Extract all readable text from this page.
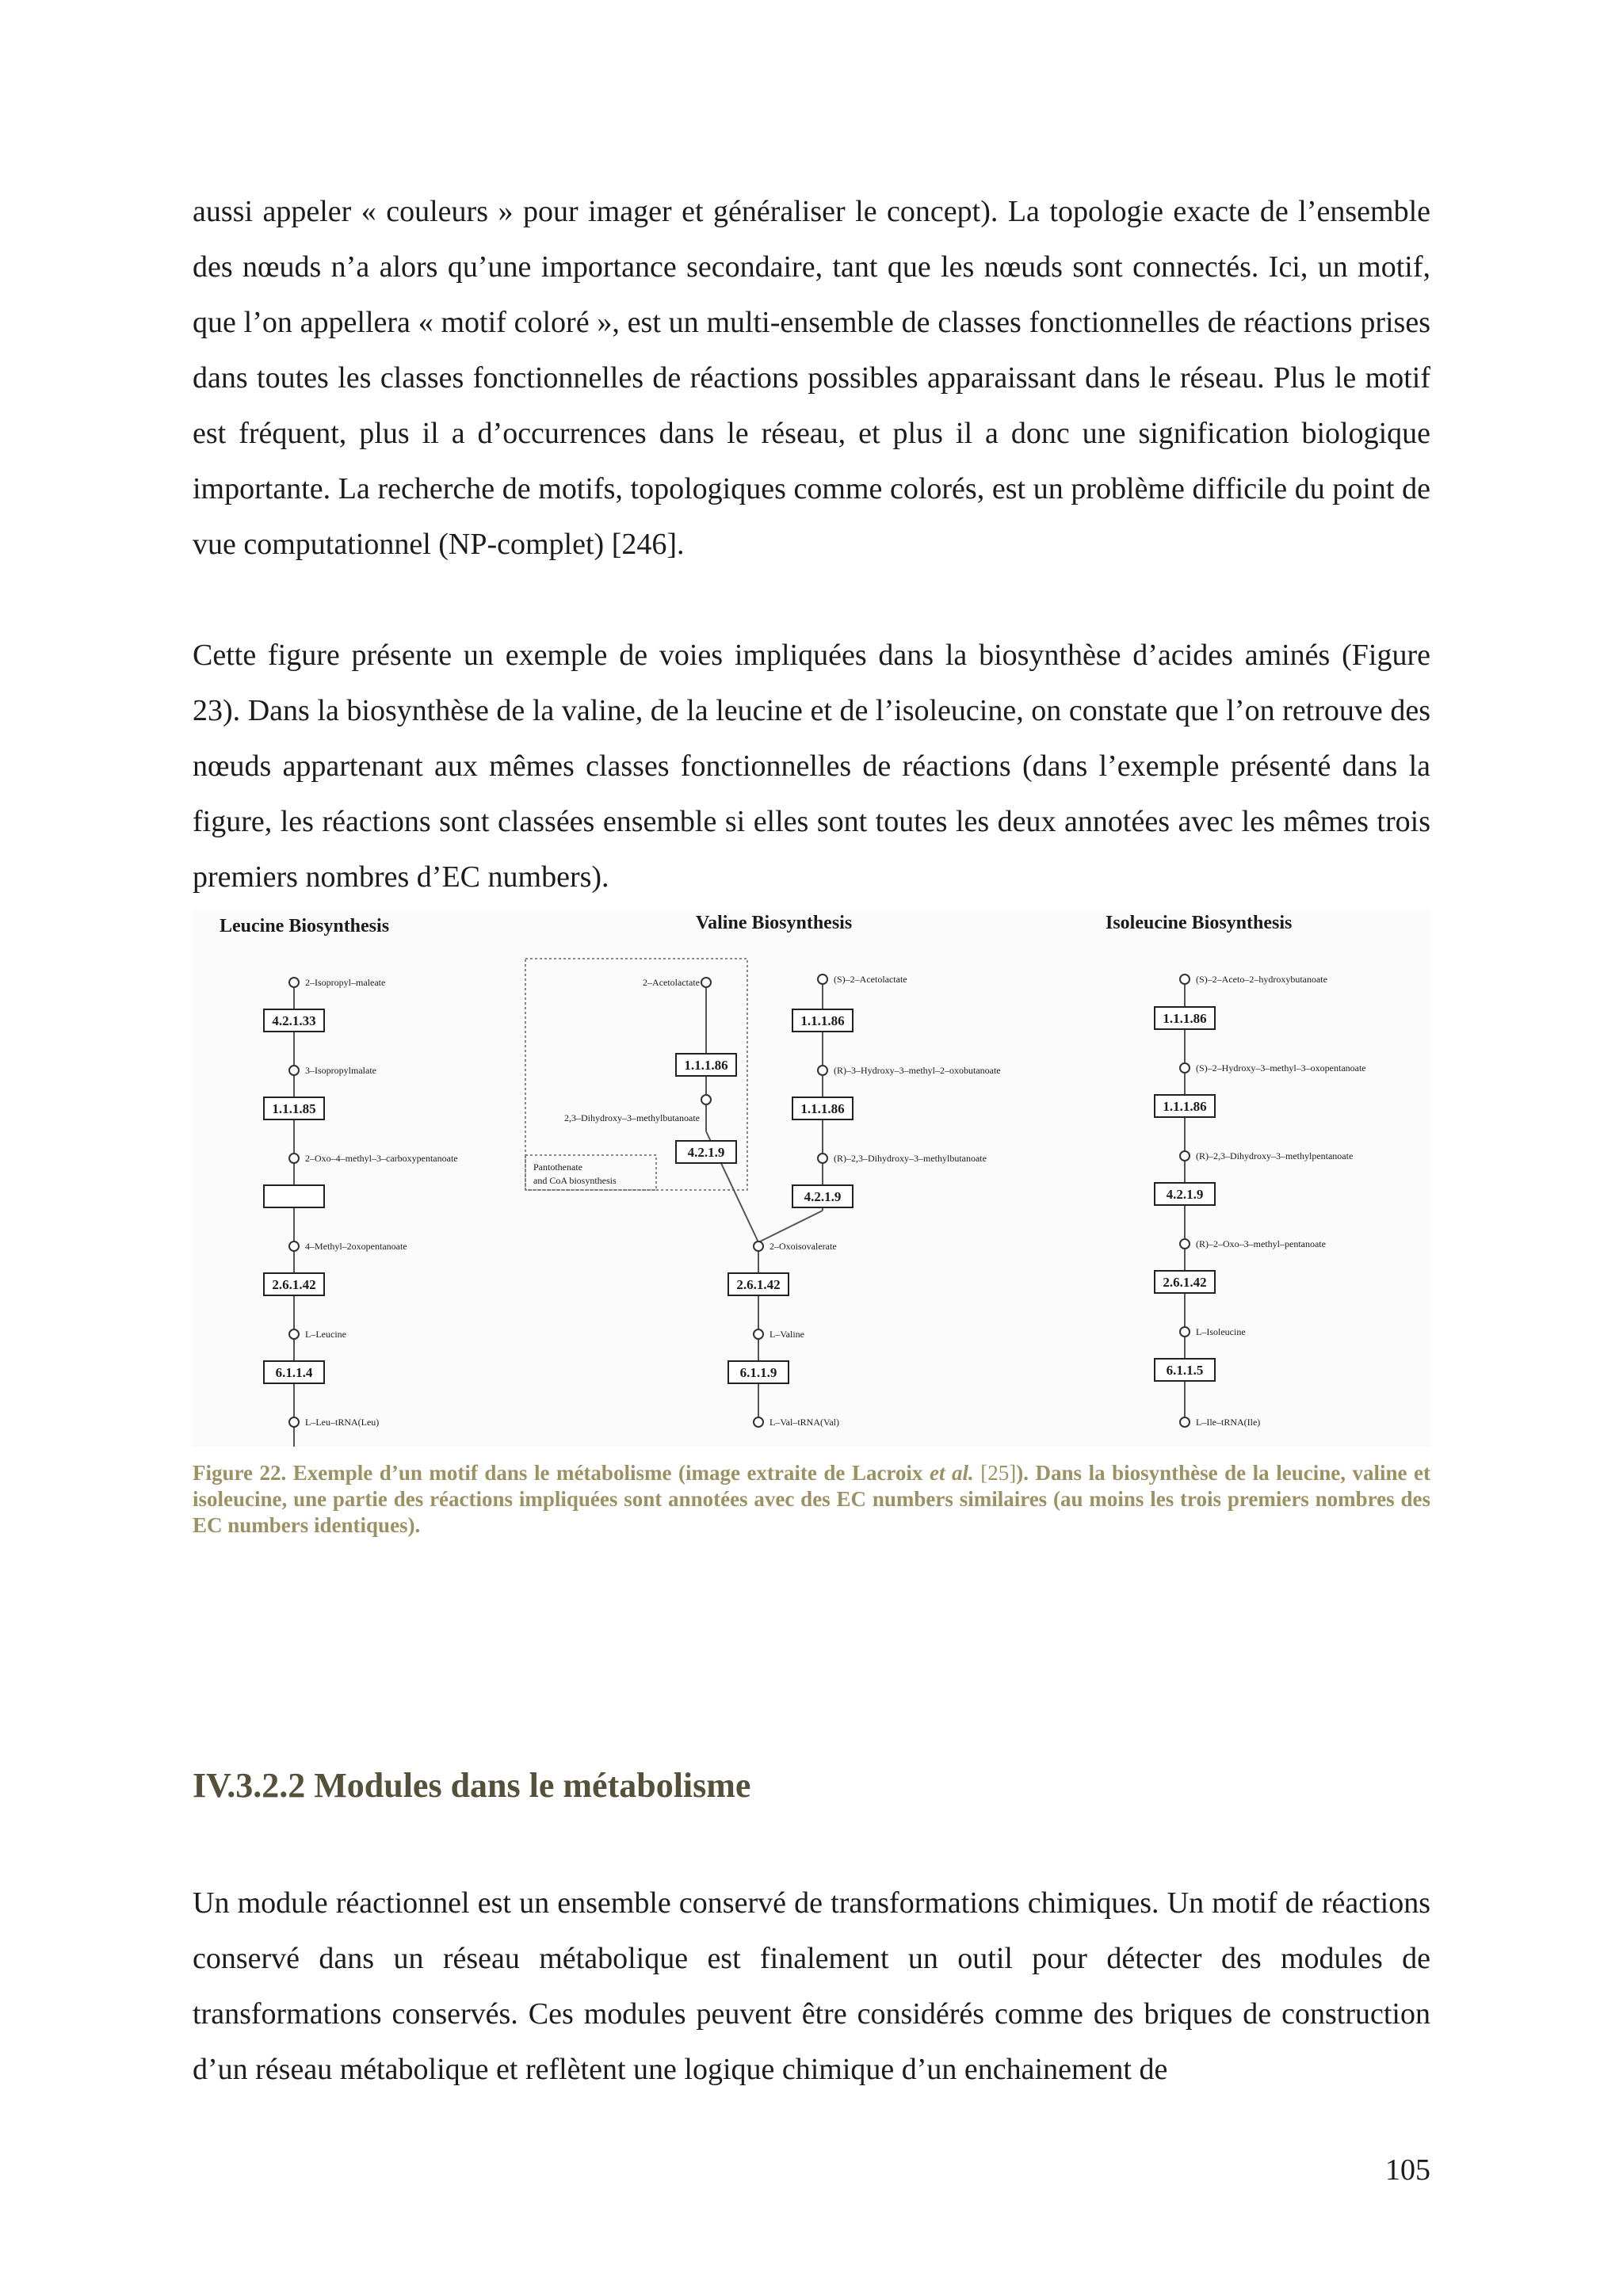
aussi appeler « couleurs » pour imager et généraliser le concept). La topologie exacte de l’ensemble des nœuds n’a alors qu’une importance secondaire, tant que les nœuds sont connectés. Ici, un motif, que l’on appellera « motif coloré », est un multi-ensemble de classes fonctionnelles de réactions prises dans toutes les classes fonctionnelles de réactions possibles apparaissant dans le réseau. Plus le motif est fréquent, plus il a d’occurrences dans le réseau, et plus il a donc une signification biologique importante. La recherche de motifs, topologiques comme colorés, est un problème difficile du point de vue computationnel (NP-complet) [246].

Cette figure présente un exemple de voies impliquées dans la biosynthèse d’acides aminés (Figure 23). Dans la biosynthèse de la valine, de la leucine et de l’isoleucine, on constate que l’on retrouve des nœuds appartenant aux mêmes classes fonctionnelles de réactions (dans l’exemple présenté dans la figure, les réactions sont classées ensemble si elles sont toutes les deux annotées avec les mêmes trois premiers nombres d’EC numbers).

Leucine Biosynthesis
2–Isopropyl–maleate
4.2.1.33
3–Isopropylmalate
1.1.1.85
2–Oxo–4–methyl–3–carboxypentanoate
4–Methyl–2oxopentanoate
2.6.1.42
L–Leucine
6.1.1.4
L–Leu–tRNA(Leu)
Valine Biosynthesis
Pantothenate
and CoA biosynthesis
2–Acetolactate
1.1.1.86
2,3–Dihydroxy–3–methylbutanoate
4.2.1.9
(S)–2–Acetolactate
1.1.1.86
(R)–3–Hydroxy–3–methyl–2–oxobutanoate
1.1.1.86
(R)–2,3–Dihydroxy–3–methylbutanoate
4.2.1.9
2–Oxoisovalerate
2.6.1.42
L–Valine
6.1.1.9
L–Val–tRNA(Val)
Isoleucine Biosynthesis
(S)–2–Aceto–2–hydroxybutanoate
1.1.1.86
(S)–2–Hydroxy–3–methyl–3–oxopentanoate
1.1.1.86
(R)–2,3–Dihydroxy–3–methylpentanoate
4.2.1.9
(R)–2–Oxo–3–methyl–pentanoate
2.6.1.42
L–Isoleucine
6.1.1.5
L–Ile–tRNA(Ile)

Figure 22. Exemple d’un motif dans le métabolisme (image extraite de Lacroix et al. [25]). Dans la biosynthèse de la leucine, valine et isoleucine, une partie des réactions impliquées sont annotées avec des EC numbers similaires (au moins les trois premiers nombres des EC numbers identiques).

IV.3.2.2 Modules dans le métabolisme

Un module réactionnel est un ensemble conservé de transformations chimiques. Un motif de réactions conservé dans un réseau métabolique est finalement un outil pour détecter des modules de transformations conservés. Ces modules peuvent être considérés comme des briques de construction d’un réseau métabolique et reflètent une logique chimique d’un enchainement de

105
